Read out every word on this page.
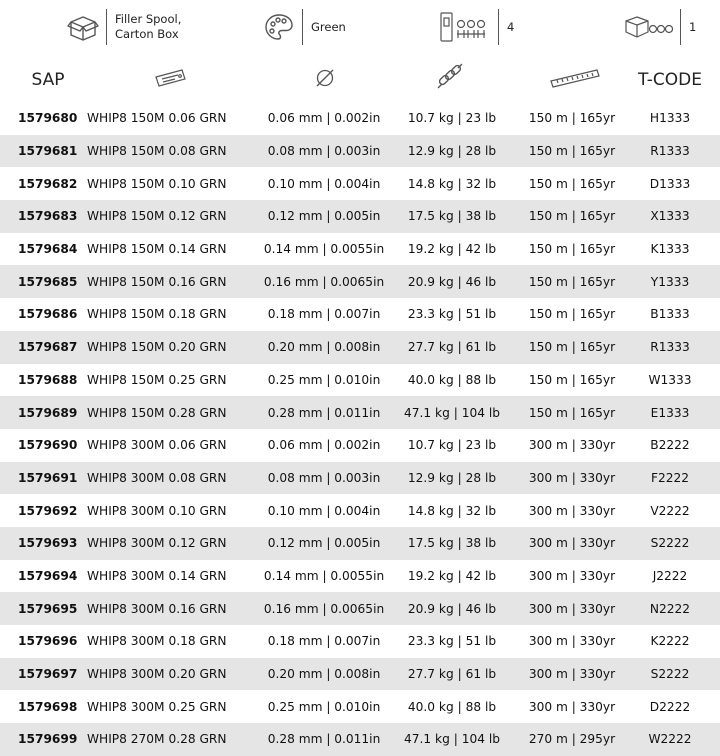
Filler Spool,
Carton Box
Green	4	1
SAP	T-CODE
1579680 WHIP8 150M 0.06 GRN	0.06 mm | 0.002in	10.7 kg | 23 lb	150 m | 165yr	H1333
1579681 WHIP8 150M 0.08 GRN	0.08 mm | 0.003in	12.9 kg | 28 lb	150 m | 165yr	R1333
1579682 WHIP8 150M 0.10 GRN	0.10 mm | 0.004in	14.8 kg | 32 lb	150 m | 165yr	D1333
1579683 WHIP8 150M 0.12 GRN	0.12 mm | 0.005in	17.5 kg | 38 lb	150 m | 165yr	X1333
1579684 WHIP8 150M 0.14 GRN	0.14 mm | 0.0055in	19.2 kg | 42 lb	150 m | 165yr	K1333
1579685 WHIP8 150M 0.16 GRN	0.16 mm | 0.0065in	20.9 kg | 46 lb	150 m | 165yr	Y1333
1579686 WHIP8 150M 0.18 GRN	0.18 mm | 0.007in	23.3 kg | 51 lb	150 m | 165yr	B1333
1579687 WHIP8 150M 0.20 GRN	0.20 mm | 0.008in	27.7 kg | 61 lb	150 m | 165yr	R1333
1579688 WHIP8 150M 0.25 GRN	0.25 mm | 0.010in	40.0 kg | 88 lb	150 m | 165yr	W1333
1579689 WHIP8 150M 0.28 GRN	0.28 mm | 0.011in	47.1 kg | 104 lb	150 m | 165yr	E1333
1579690 WHIP8 300M 0.06 GRN	0.06 mm | 0.002in	10.7 kg | 23 lb	300 m | 330yr	B2222
1579691 WHIP8 300M 0.08 GRN	0.08 mm | 0.003in	12.9 kg | 28 lb	300 m | 330yr	F2222
1579692 WHIP8 300M 0.10 GRN	0.10 mm | 0.004in	14.8 kg | 32 lb	300 m | 330yr	V2222
1579693 WHIP8 300M 0.12 GRN	0.12 mm | 0.005in	17.5 kg | 38 lb	300 m | 330yr	S2222
1579694 WHIP8 300M 0.14 GRN	0.14 mm | 0.0055in	19.2 kg | 42 lb	300 m | 330yr	J2222
1579695 WHIP8 300M 0.16 GRN	0.16 mm | 0.0065in	20.9 kg | 46 lb	300 m | 330yr	N2222
1579696 WHIP8 300M 0.18 GRN	0.18 mm | 0.007in	23.3 kg | 51 lb	300 m | 330yr	K2222
1579697 WHIP8 300M 0.20 GRN	0.20 mm | 0.008in	27.7 kg | 61 lb	300 m | 330yr	S2222
1579698 WHIP8 300M 0.25 GRN	0.25 mm | 0.010in	40.0 kg | 88 lb	300 m | 330yr	D2222
1579699 WHIP8 270M 0.28 GRN	0.28 mm | 0.011in	47.1 kg | 104 lb	270 m | 295yr	W2222
